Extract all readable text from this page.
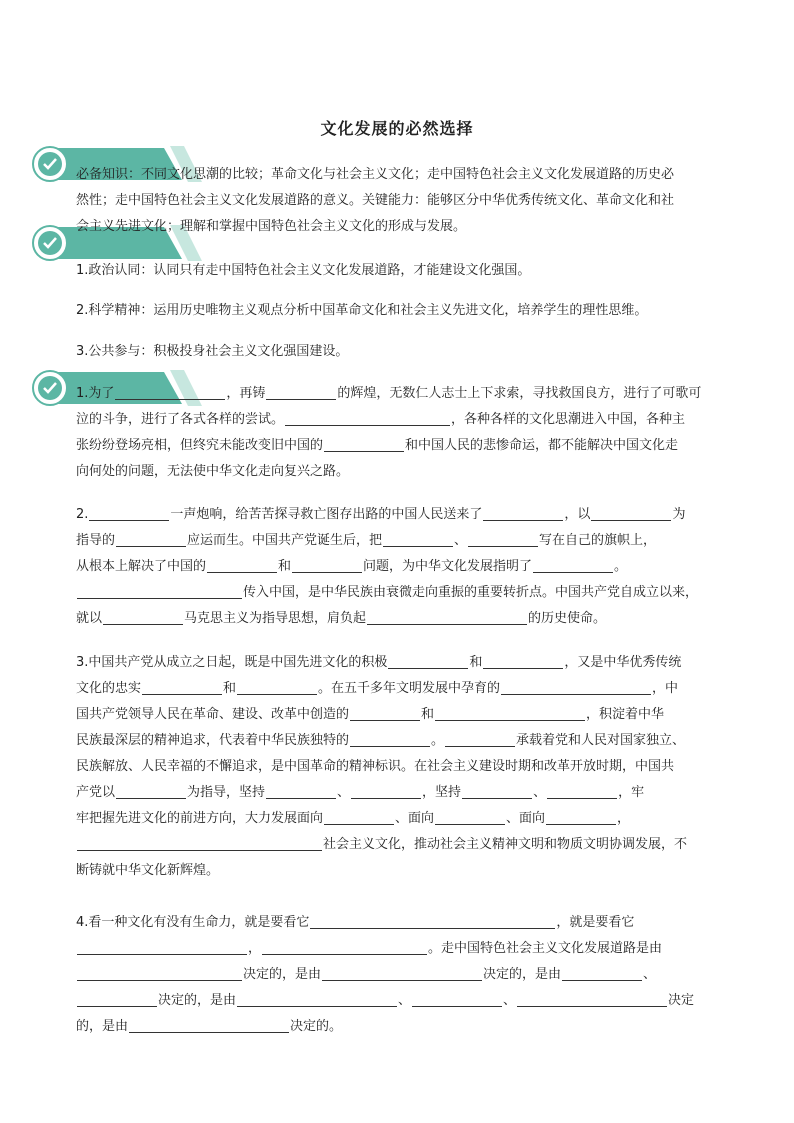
文化发展的必然选择
必备知识：不同文化思潮的比较；革命文化与社会主义文化；走中国特色社会主义文化发展道路的历史必
然性；走中国特色社会主义文化发展道路的意义。关键能力：能够区分中华优秀传统文化、革命文化和社
会主义先进文化；理解和掌握中国特色社会主义文化的形成与发展。
1.政治认同：认同只有走中国特色社会主义文化发展道路，才能建设文化强国。
2.科学精神：运用历史唯物主义观点分析中国革命文化和社会主义先进文化，培养学生的理性思维。
3.公共参与：积极投身社会主义文化强国建设。
1.为了	，再铸	的辉煌，无数仁人志士上下求索，寻找救国良方，进行了可歌可
泣的斗争，进行了各式各样的尝试。	，各种各样的文化思潮进入中国，各种主
张纷纷登场亮相，但终究未能改变旧中国的	和中国人民的悲惨命运，都不能解决中国文化走
向何处的问题，无法使中华文化走向复兴之路。
2.	一声炮响，给苦苦探寻救亡图存出路的中国人民送来了	，以	为
指导的	应运而生。中国共产党诞生后，把	、	写在自己的旗帜上，
从根本上解决了中国的	和	问题，为中华文化发展指明了	。
传入中国，是中华民族由衰微走向重振的重要转折点。中国共产党自成立以来，
就以	马克思主义为指导思想，肩负起	的历史使命。
3.中国共产党从成立之日起，既是中国先进文化的积极	和	，又是中华优秀传统
文化的忠实	和	。在五千多年文明发展中孕育的	，中
国共产党领导人民在革命、建设、改革中创造的	和	，积淀着中华
民族最深层的精神追求，代表着中华民族独特的	。	承载着党和人民对国家独立、
民族解放、人民幸福的不懈追求，是中国革命的精神标识。在社会主义建设时期和改革开放时期，中国共
产党以	为指导，坚持	、	，坚持	、	，牢
牢把握先进文化的前进方向，大力发展面向	、面向	、面向	，
社会主义文化，推动社会主义精神文明和物质文明协调发展，不
断铸就中华文化新辉煌。
4.看一种文化有没有生命力，就是要看它	，就是要看它
，	。走中国特色社会主义文化发展道路是由
决定的，是由	决定的，是由	、
决定的，是由	、	、	决定
的，是由	决定的。
